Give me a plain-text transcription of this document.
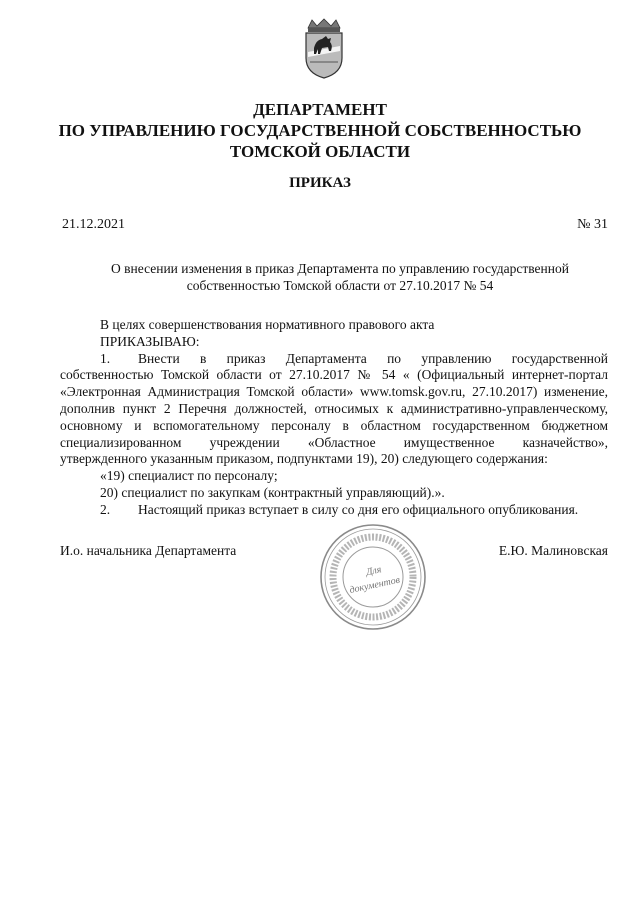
ДЕПАРТАМЕНТ
ПО УПРАВЛЕНИЮ ГОСУДАРСТВЕННОЙ СОБСТВЕННОСТЬЮ
ТОМСКОЙ ОБЛАСТИ
ПРИКАЗ
21.12.2021	№ 31
О внесении изменения в приказ Департамента по управлению государственной
собственностью Томской области от 27.10.2017 № 54

В целях совершенствования нормативного правового акта

ПРИКАЗЫВАЮ:

1.	Внести в приказ Департамента по управлению государственной

собственностью Томской области от 27.10.2017 № 54 « (Официальный интернет-портал

«Электронная Администрация Томской области» www.tomsk.gov.ru, 27.10.2017) изменение,

дополнив пункт 2 Перечня должностей, относимых к административно-управленческому,

основному и вспомогательному персоналу в областном государственном бюджетном

специализированном учреждении «Областное имущественное казначейство»,

утвержденного указанным приказом, подпунктами 19), 20) следующего содержания:

«19) специалист по персоналу;

20) специалист по закупкам (контрактный управляющий).».

2.	Настоящий приказ вступает в силу со дня его официального опубликования.
И.о. начальника Департамента	Е.Ю. Малиновская
Для
документов
